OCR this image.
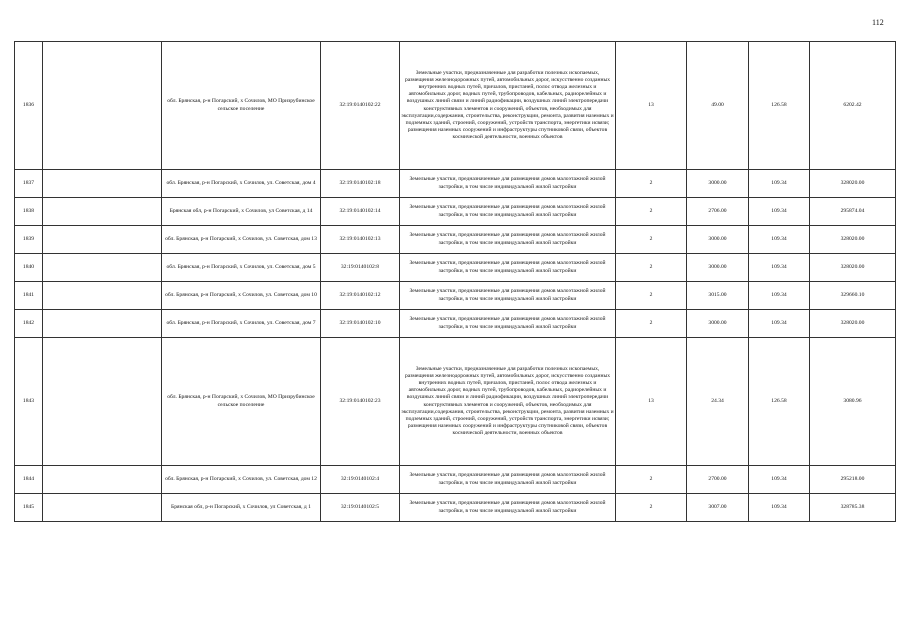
112
1836		обл. Брянская, р-н Погарский, х Сочилов, МО Призрубинское сельское поселение	32:19:0140102:22	Земельные участки, предназначенные для разработки полезных ископаемых, размещения железнодорожных путей, автомобильных дорог, искусственно созданных внутренних водных путей, причалов, пристаней, полос отвода железных и автомобильных дорог, водных путей, трубопроводов, кабельных, радиорелейных и воздушных линий связи и линий радиофикации, воздушных линий электропередачи конструктивных элементов и сооружений, объектов, необходимых для эксплуатации,содержания, строительства, реконструкции, ремонта, развития наземных и подземных зданий, строений, сооружений, устройств транспорта, энергетики исвязи; размещения наземных сооружений и инфраструктуры спутниковой связи, объектов космической деятельности, военных объектов	13	49.00	126.58	6202.42
1837		обл. Брянская, р-н Погарский, х Сочилов, ул. Советская, дом 4	32:19:0140102:18	Земельные участки, предназначенные для размещения домов малоэтажной жилой застройки, в том числе индивидуальной жилой застройки	2	3000.00	109.34	328020.00
1838		Брянская обл, р-н Погарский, х Сочилов, ул Советская, д 14	32:19:0140102:14	Земельные участки, предназначенные для размещения домов малоэтажной жилой застройки, в том числе индивидуальной жилой застройки	2	2706.00	109.34	295874.04
1839		обл. Брянская, р-н Погарский, х Сочилов, ул. Советская, дом 13	32:19:0140102:13	Земельные участки, предназначенные для размещения домов малоэтажной жилой застройки, в том числе индивидуальной жилой застройки	2	3000.00	109.34	328020.00
1840		обл. Брянская, р-н Погарский, х Сочилов, ул. Советская, дом 5	32:19:0140102:8	Земельные участки, предназначенные для размещения домов малоэтажной жилой застройки, в том числе индивидуальной жилой застройки	2	3000.00	109.34	328020.00
1841		обл. Брянская, р-н Погарский, х Сочилов, ул. Советская, дом 10	32:19:0140102:12	Земельные участки, предназначенные для размещения домов малоэтажной жилой застройки, в том числе индивидуальной жилой застройки	2	3015.00	109.34	329660.10
1842		обл. Брянская, р-н Погарский, х Сочилов, ул. Советская, дом 7	32:19:0140102:10	Земельные участки, предназначенные для размещения домов малоэтажной жилой застройки, в том числе индивидуальной жилой застройки	2	3000.00	109.34	328020.00
1843		обл. Брянская, р-н Погарский, х Сочилов, МО Призрубинское сельское поселение	32:19:0140102:23	Земельные участки, предназначенные для разработки полезных ископаемых, размещения железнодорожных путей, автомобильных дорог, искусственно созданных внутренних водных путей, причалов, пристаней, полос отвода железных и автомобильных дорог, водных путей, трубопроводов, кабельных, радиорелейных и воздушных линий связи и линий радиофикации, воздушных линий электропередачи конструктивных элементов и сооружений, объектов, необходимых для эксплуатации,содержания, строительства, реконструкции, ремонта, развития наземных и подземных зданий, строений, сооружений, устройств транспорта, энергетики исвязи; размещения наземных сооружений и инфраструктуры спутниковой связи, объектов космической деятельности, военных объектов	13	24.34	126.58	3080.96
1844		обл. Брянская, р-н Погарский, х Сочилов, ул. Советская, дом 12	32:19:0140102:4	Земельные участки, предназначенные для размещения домов малоэтажной жилой застройки, в том числе индивидуальной жилой застройки	2	2700.00	109.34	295218.00
1845		Брянская обл, р-н Погарский, х Сочилов, ул Советская, д 1	32:19:0140102:5	Земельные участки, предназначенные для размещения домов малоэтажной жилой застройки, в том числе индивидуальной жилой застройки	2	3007.00	109.34	328785.38
